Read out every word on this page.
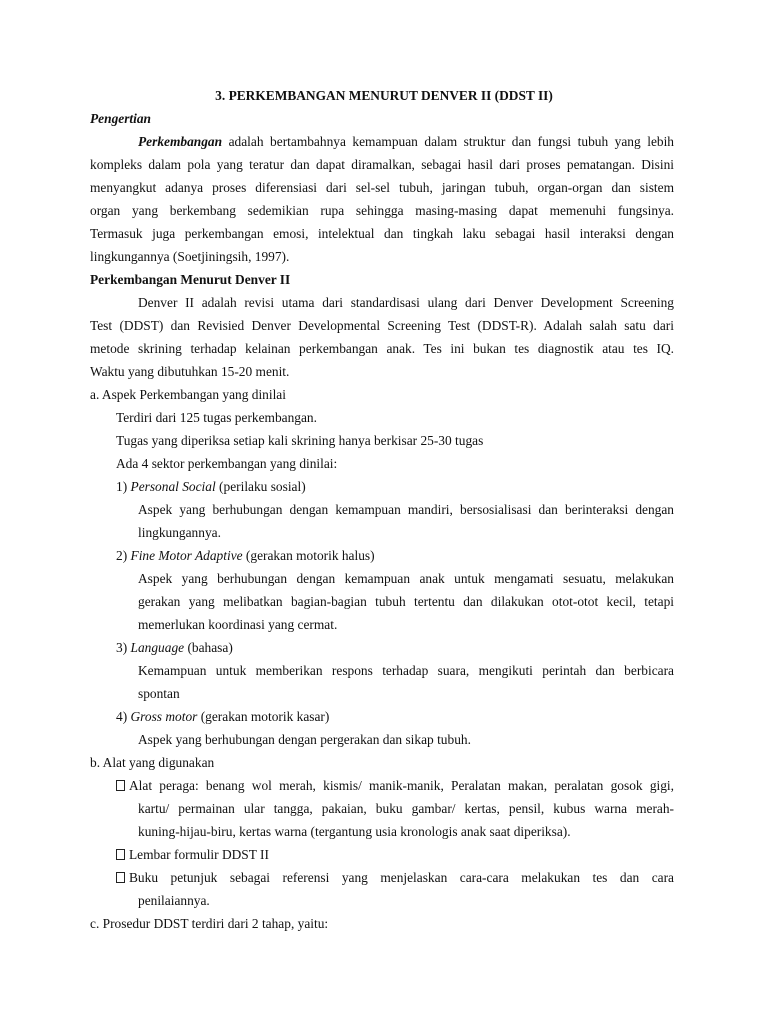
3. PERKEMBANGAN MENURUT DENVER II (DDST II)
Pengertian
Perkembangan adalah bertambahnya kemampuan dalam struktur dan fungsi tubuh yang lebih
kompleks dalam pola yang teratur dan dapat diramalkan, sebagai hasil dari proses pematangan. Disini
menyangkut adanya proses diferensiasi dari sel-sel tubuh, jaringan tubuh, organ-organ dan sistem
organ yang berkembang sedemikian rupa sehingga masing-masing dapat memenuhi fungsinya.
Termasuk juga perkembangan emosi, intelektual dan tingkah laku sebagai hasil interaksi dengan
lingkungannya (Soetjiningsih, 1997).
Perkembangan Menurut Denver II
Denver II adalah revisi utama dari standardisasi ulang dari Denver Development Screening
Test (DDST) dan Revisied Denver Developmental Screening Test (DDST-R). Adalah salah satu dari
metode skrining terhadap kelainan perkembangan anak. Tes ini bukan tes diagnostik atau tes IQ.
Waktu yang dibutuhkan 15-20 menit.
a. Aspek Perkembangan yang dinilai
Terdiri dari 125 tugas perkembangan.
Tugas yang diperiksa setiap kali skrining hanya berkisar 25-30 tugas
Ada 4 sektor perkembangan yang dinilai:
1) Personal Social (perilaku sosial)
Aspek yang berhubungan dengan kemampuan mandiri, bersosialisasi dan berinteraksi dengan
lingkungannya.
2) Fine Motor Adaptive (gerakan motorik halus)
Aspek yang berhubungan dengan kemampuan anak untuk mengamati sesuatu, melakukan
gerakan yang melibatkan bagian-bagian tubuh tertentu dan dilakukan otot-otot kecil, tetapi
memerlukan koordinasi yang cermat.
3) Language (bahasa)
Kemampuan untuk memberikan respons terhadap suara, mengikuti perintah dan berbicara
spontan
4) Gross motor (gerakan motorik kasar)
Aspek yang berhubungan dengan pergerakan dan sikap tubuh.
b. Alat yang digunakan
Alat peraga: benang wol merah, kismis/ manik-manik, Peralatan makan, peralatan gosok gigi,
kartu/ permainan ular tangga, pakaian, buku gambar/ kertas, pensil, kubus warna merah-
kuning-hijau-biru, kertas warna (tergantung usia kronologis anak saat diperiksa).
Lembar formulir DDST II
Buku petunjuk sebagai referensi yang menjelaskan cara-cara melakukan tes dan cara
penilaiannya.
c. Prosedur DDST terdiri dari 2 tahap, yaitu:
